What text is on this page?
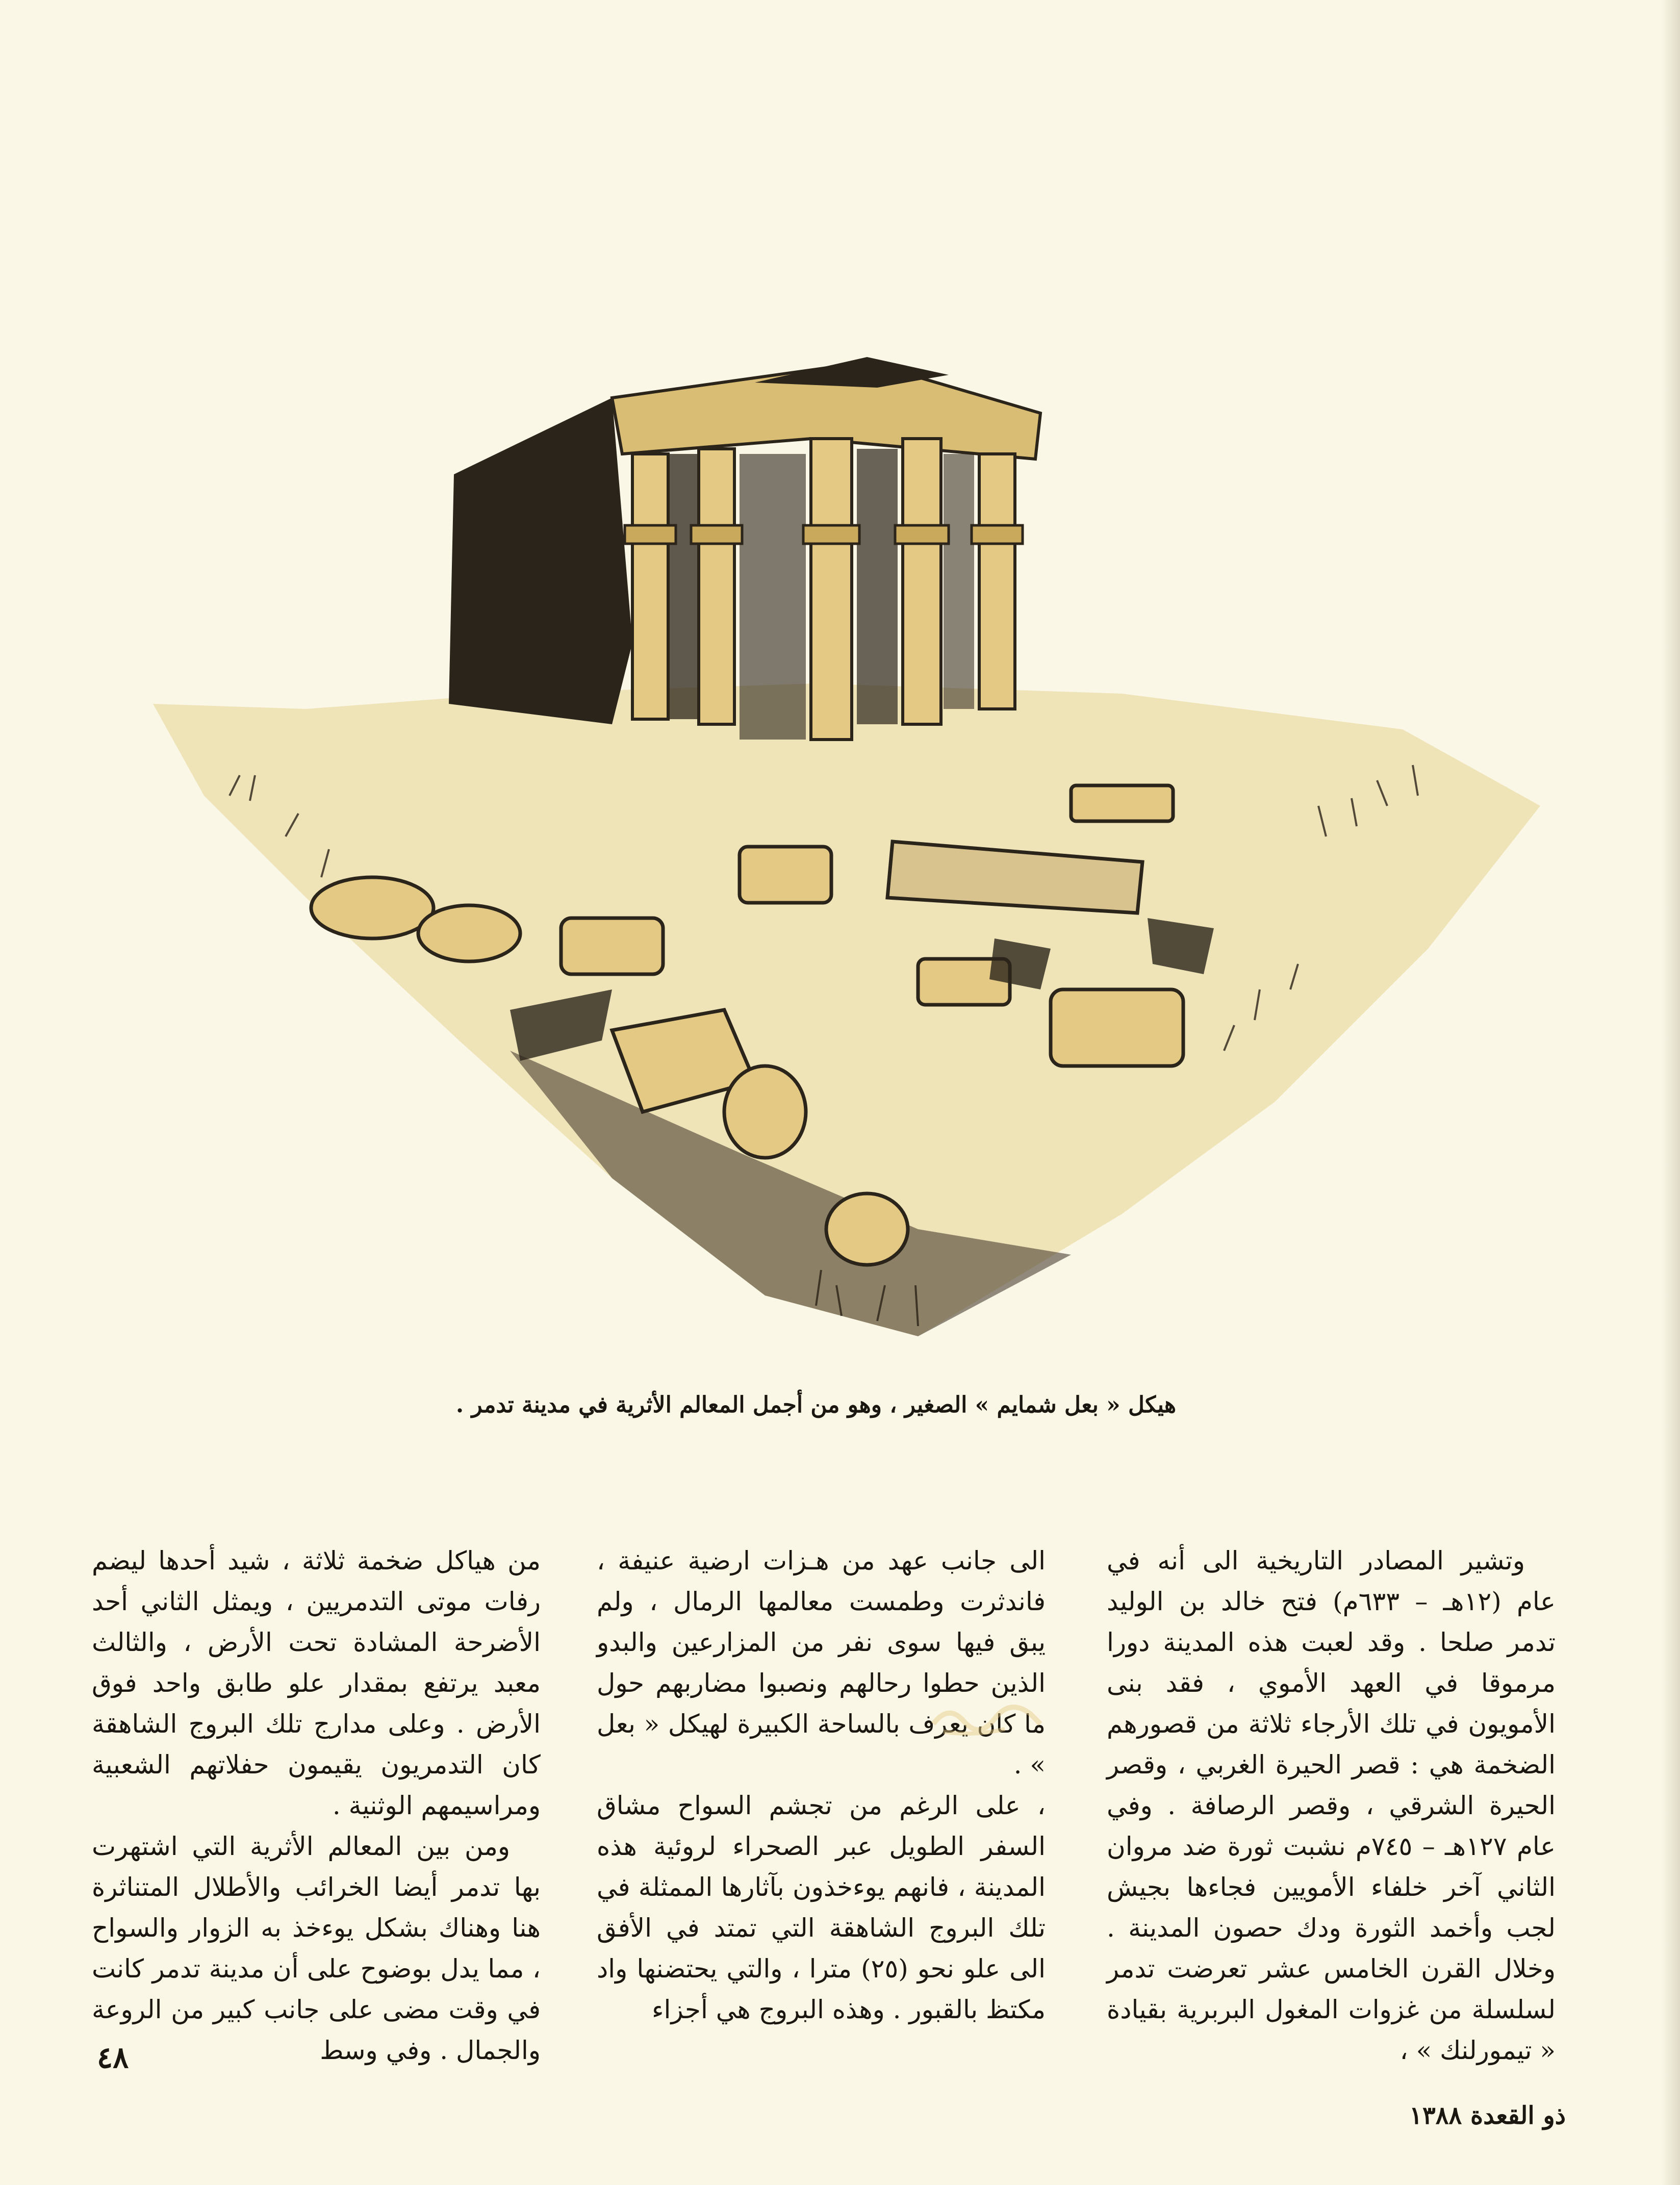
هيكل « بعل شمايم » الصغير ، وهو من أجمل المعالم الأثرية في مدينة تدمر .

وتشير المصادر التاريخية الى أنه في عام (١٢هـ – ٦٣٣م) فتح خالد بن الوليد تدمر صلحا . وقد لعبت هذه المدينة دورا مرموقا في العهد الأموي ، فقد بنى الأمويون في تلك الأرجاء ثلاثة من قصورهم الضخمة هي : قصر الحيرة الغربي ، وقصر الحيرة الشرقي ، وقصر الرصافة . وفي عام ١٢٧هـ – ٧٤٥م نشبت ثورة ضد مروان الثاني آخر خلفاء الأمويين فجاءها بجيش لجب وأخمد الثورة ودك حصون المدينة . وخلال القرن الخامس عشر تعرضت تدمر لسلسلة من غزوات المغول البربرية بقيادة « تيمورلنك » ،

الى جانب عهد من هـزات ارضية عنيفة ، فاندثرت وطمست معالمها الرمال ، ولم يبق فيها سوى نفر من المزارعين والبدو الذين حطوا رحالهم ونصبوا مضاربهم حول ما كان يعرف بالساحة الكبيرة لهيكل « بعل » .

، على الرغم من تجشم السواح مشاق السفر الطويل عبر الصحراء لروئية هذه المدينة ، فانهم يوءخذون بآثارها الممثلة في تلك البروج الشاهقة التي تمتد في الأفق الى علو نحو (٢٥) مترا ، والتي يحتضنها واد مكتظ بالقبور . وهذه البروج هي أجزاء

من هياكل ضخمة ثلاثة ، شيد أحدها ليضم رفات موتى التدمريين ، ويمثل الثاني أحد الأضرحة المشادة تحت الأرض ، والثالث معبد يرتفع بمقدار علو طابق واحد فوق الأرض . وعلى مدارج تلك البروج الشاهقة كان التدمريون يقيمون حفلاتهم الشعبية ومراسيمهم الوثنية .

ومن بين المعالم الأثرية التي اشتهرت بها تدمر أيضا الخرائب والأطلال المتناثرة هنا وهناك بشكل يوءخذ به الزوار والسواح ، مما يدل بوضوح على أن مدينة تدمر كانت في وقت مضى على جانب كبير من الروعة والجمال . وفي وسط

٤٨
ذو القعدة ١٣٨٨
